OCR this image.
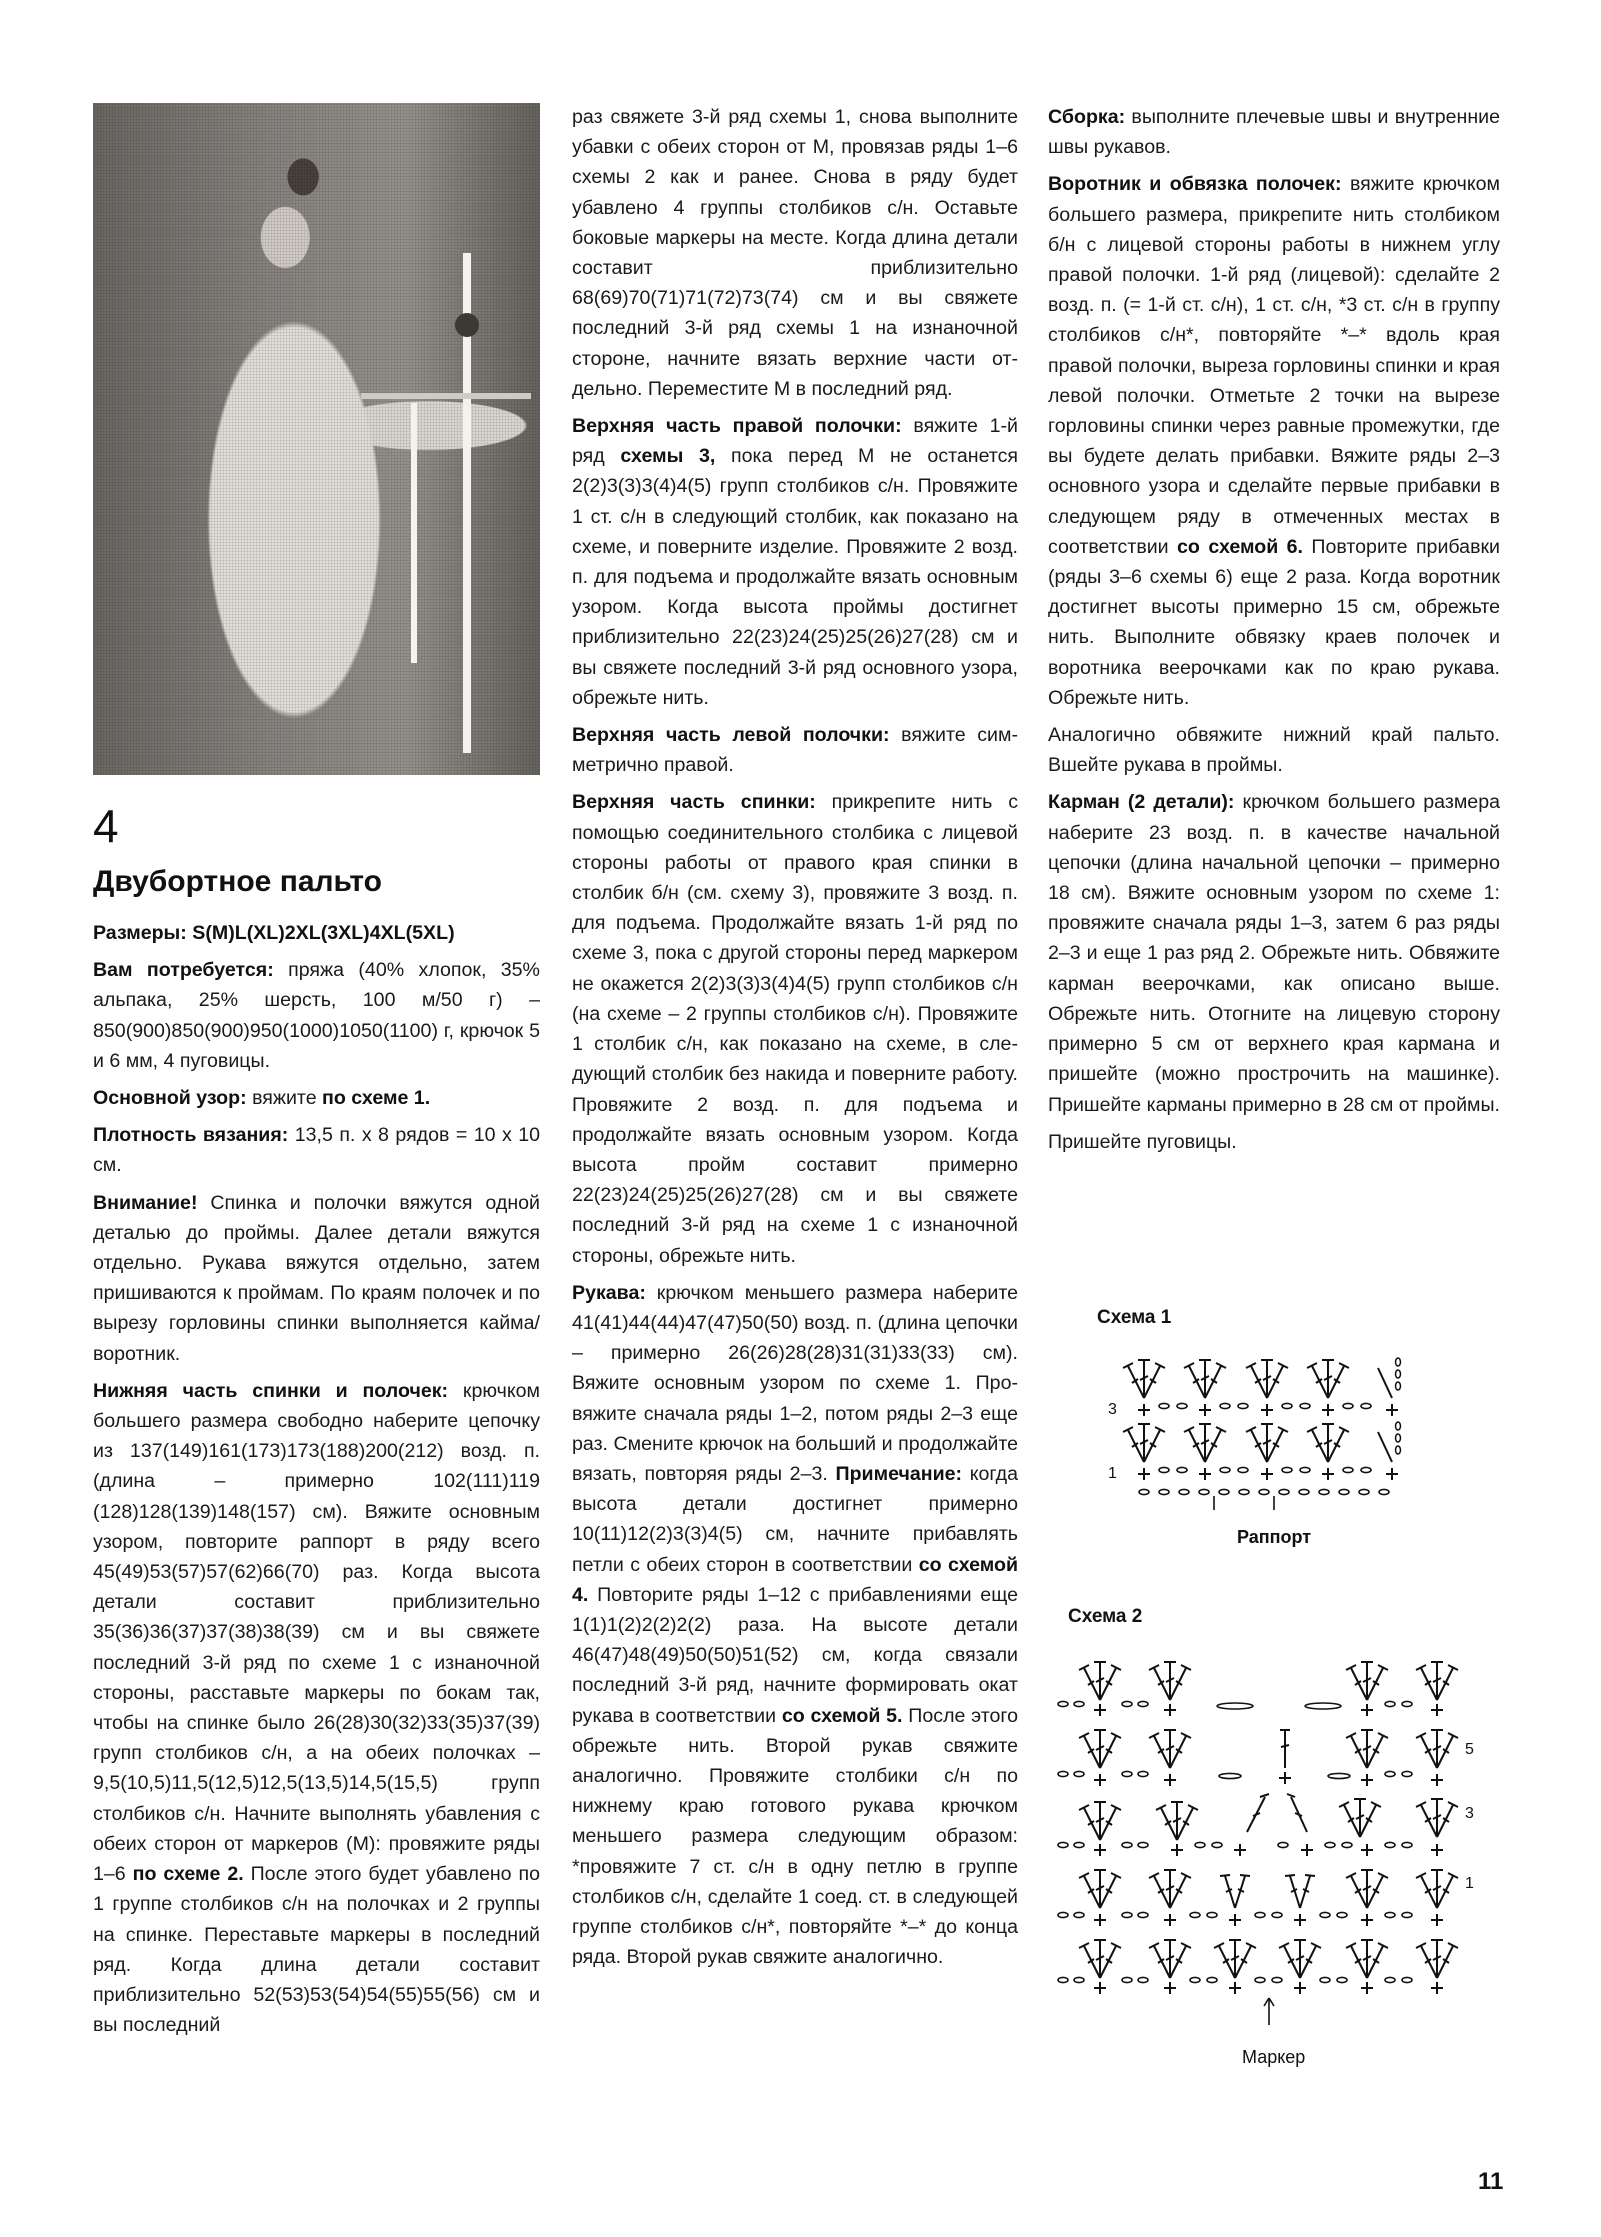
4
Двубортное пальто

Размеры: S(M)L(XL)2XL(3XL)4XL(5XL)

Вам потребуется: пряжа (40% хлопок, 35% альпака, 25% шерсть, 100 м/50 г) – 850(900)850(900)950(1000)1050(1100) г, крючок 5 и 6 мм, 4 пуговицы.

Основной узор: вяжите по схеме 1.

Плотность вязания: 13,5 п. х 8 рядов = 10 х 10 см.

Внимание! Спинка и полочки вяжутся одной деталью до проймы. Далее детали вяжутся отдельно. Рукава вяжутся отдельно, затем пришиваются к проймам. По краям полочек и по вырезу горловины спинки выполняется кайма/воротник.

Нижняя часть спинки и полочек: крючком большего размера свободно наберите цепочку из 137(149)161(173)173(188)200(212) возд. п. (длина – примерно 102(111)119 (128)128(139)148(157) см). Вяжите основным узором, повторите раппорт в ряду всего 45(49)53(57)57(62)66(70) раз. Когда высота детали составит приблизительно 35(36)36(37)37(38)38(39) см и вы свяжете последний 3-й ряд по схеме 1 с изнаночной стороны, расставьте маркеры по бокам так, чтобы на спинке было 26(28)30(32)33(35)37(39) групп столбиков с/н, а на обеих полочках – 9,5(10,5)11,5(12,5)12,5(13,5)14,5(15,5) групп столбиков с/н. Начните выполнять убавления с обеих сторон от маркеров (М): провяжите ряды 1–6 по схеме 2. После этого будет убавлено по 1 группе столбиков с/н на полочках и 2 группы на спинке. Переставьте маркеры в последний ряд. Когда длина детали составит приблизительно 52(53)53(54)54(55)55(56) см и вы последний

раз свяжете 3-й ряд схемы 1, снова выполните убавки с обеих сторон от М, провязав ряды 1–6 схемы 2 как и ранее. Снова в ряду будет убавлено 4 группы столбиков с/н. Оставьте боковые маркеры на месте. Когда длина детали составит приблизительно 68(69)70(71)71(72)73(74) см и вы свяжете последний 3-й ряд схемы 1 на изнаночной стороне, начните вязать верхние части отдельно. Переместите М в последний ряд.

Верхняя часть правой полочки: вяжите 1-й ряд схемы 3, пока перед М не останется 2(2)3(3)3(4)4(5) групп столбиков с/н. Провяжите 1 ст. с/н в следующий столбик, как показано на схеме, и поверните изделие. Провяжите 2 возд. п. для подъема и продолжайте вязать основным узором. Когда высота проймы достигнет приблизительно 22(23)24(25)25(26)27(28) см и вы свяжете последний 3-й ряд основного узора, обрежьте нить.

Верхняя часть левой полочки: вяжите симметрично правой.

Верхняя часть спинки: прикрепите нить с помощью соединительного столбика с лицевой стороны работы от правого края спинки в столбик б/н (см. схему 3), провяжите 3 возд. п. для подъема. Продолжайте вязать 1-й ряд по схеме 3, пока с другой стороны перед маркером не окажется 2(2)3(3)3(4)4(5) групп столбиков с/н (на схеме – 2 группы столбиков с/н). Провяжите 1 столбик с/н, как показано на схеме, в следующий столбик без накида и поверните работу. Провяжите 2 возд. п. для подъема и продолжайте вязать основным узором. Когда высота пройм составит примерно 22(23)24(25)25(26)27(28) см и вы свяжете последний 3-й ряд на схеме 1 с изнаночной стороны, обрежьте нить.

Рукава: крючком меньшего размера наберите 41(41)44(44)47(47)50(50) возд. п. (длина цепочки – примерно 26(26)28(28)31(31)33(33) см). Вяжите основным узором по схеме 1. Провяжите сначала ряды 1–2, потом ряды 2–3 еще раз. Смените крючок на больший и продолжайте вязать, повторяя ряды 2–3. Примечание: когда высота детали достигнет примерно 10(11)12(2)3(3)4(5) см, начните прибавлять петли с обеих сторон в соответствии со схемой 4. Повторите ряды 1–12 с прибавлениями еще 1(1)1(2)2(2)2(2) раза. На высоте детали 46(47)48(49)50(50)51(52) см, когда связали последний 3-й ряд, начните формировать окат рукава в соответствии со схемой 5. После этого обрежьте нить. Второй рукав свяжите аналогично. Провяжите столбики с/н по нижнему краю готового рукава крючком меньшего размера следующим образом: *провяжите 7 ст. с/н в одну петлю в группе столбиков с/н, сделайте 1 соед. ст. в следующей группе столбиков с/н*, повторяйте *–* до конца ряда. Второй рукав свяжите аналогично.

Сборка: выполните плечевые швы и внутренние швы рукавов.

Воротник и обвязка полочек: вяжите крючком большего размера, прикрепите нить столбиком б/н с лицевой стороны работы в нижнем углу правой полочки. 1-й ряд (лицевой): сделайте 2 возд. п. (= 1-й ст. с/н), 1 ст. с/н, *3 ст. с/н в группу столбиков с/н*, повторяйте *–* вдоль края правой полочки, выреза горловины спинки и края левой полочки. Отметьте 2 точки на вырезе горловины спинки через равные промежутки, где вы будете делать прибавки. Вяжите ряды 2–3 основного узора и сделайте первые прибавки в следующем ряду в отмеченных местах в соответствии со схемой 6. Повторите прибавки (ряды 3–6 схемы 6) еще 2 раза. Когда воротник достигнет высоты примерно 15 см, обрежьте нить. Выполните обвязку краев полочек и воротника веерочками как по краю рукава. Обрежьте нить.

Аналогично обвяжите нижний край пальто. Вшейте рукава в проймы.

Карман (2 детали): крючком большего размера наберите 23 возд. п. в качестве начальной цепочки (длина начальной цепочки – примерно 18 см). Вяжите основным узором по схеме 1: провяжите сначала ряды 1–3, затем 6 раз ряды 2–3 и еще 1 раз ряд 2. Обрежьте нить. Обвяжите карман веерочками, как описано выше. Обрежьте нить. Отогните на лицевую сторону примерно 5 см от верхнего края кармана и пришейте (можно прострочить на машинке). Пришейте карманы примерно в 28 см от проймы.

Пришейте пуговицы.

Схема 1
3
1
Раппорт
Схема 2
5
3
1
Маркер
11
